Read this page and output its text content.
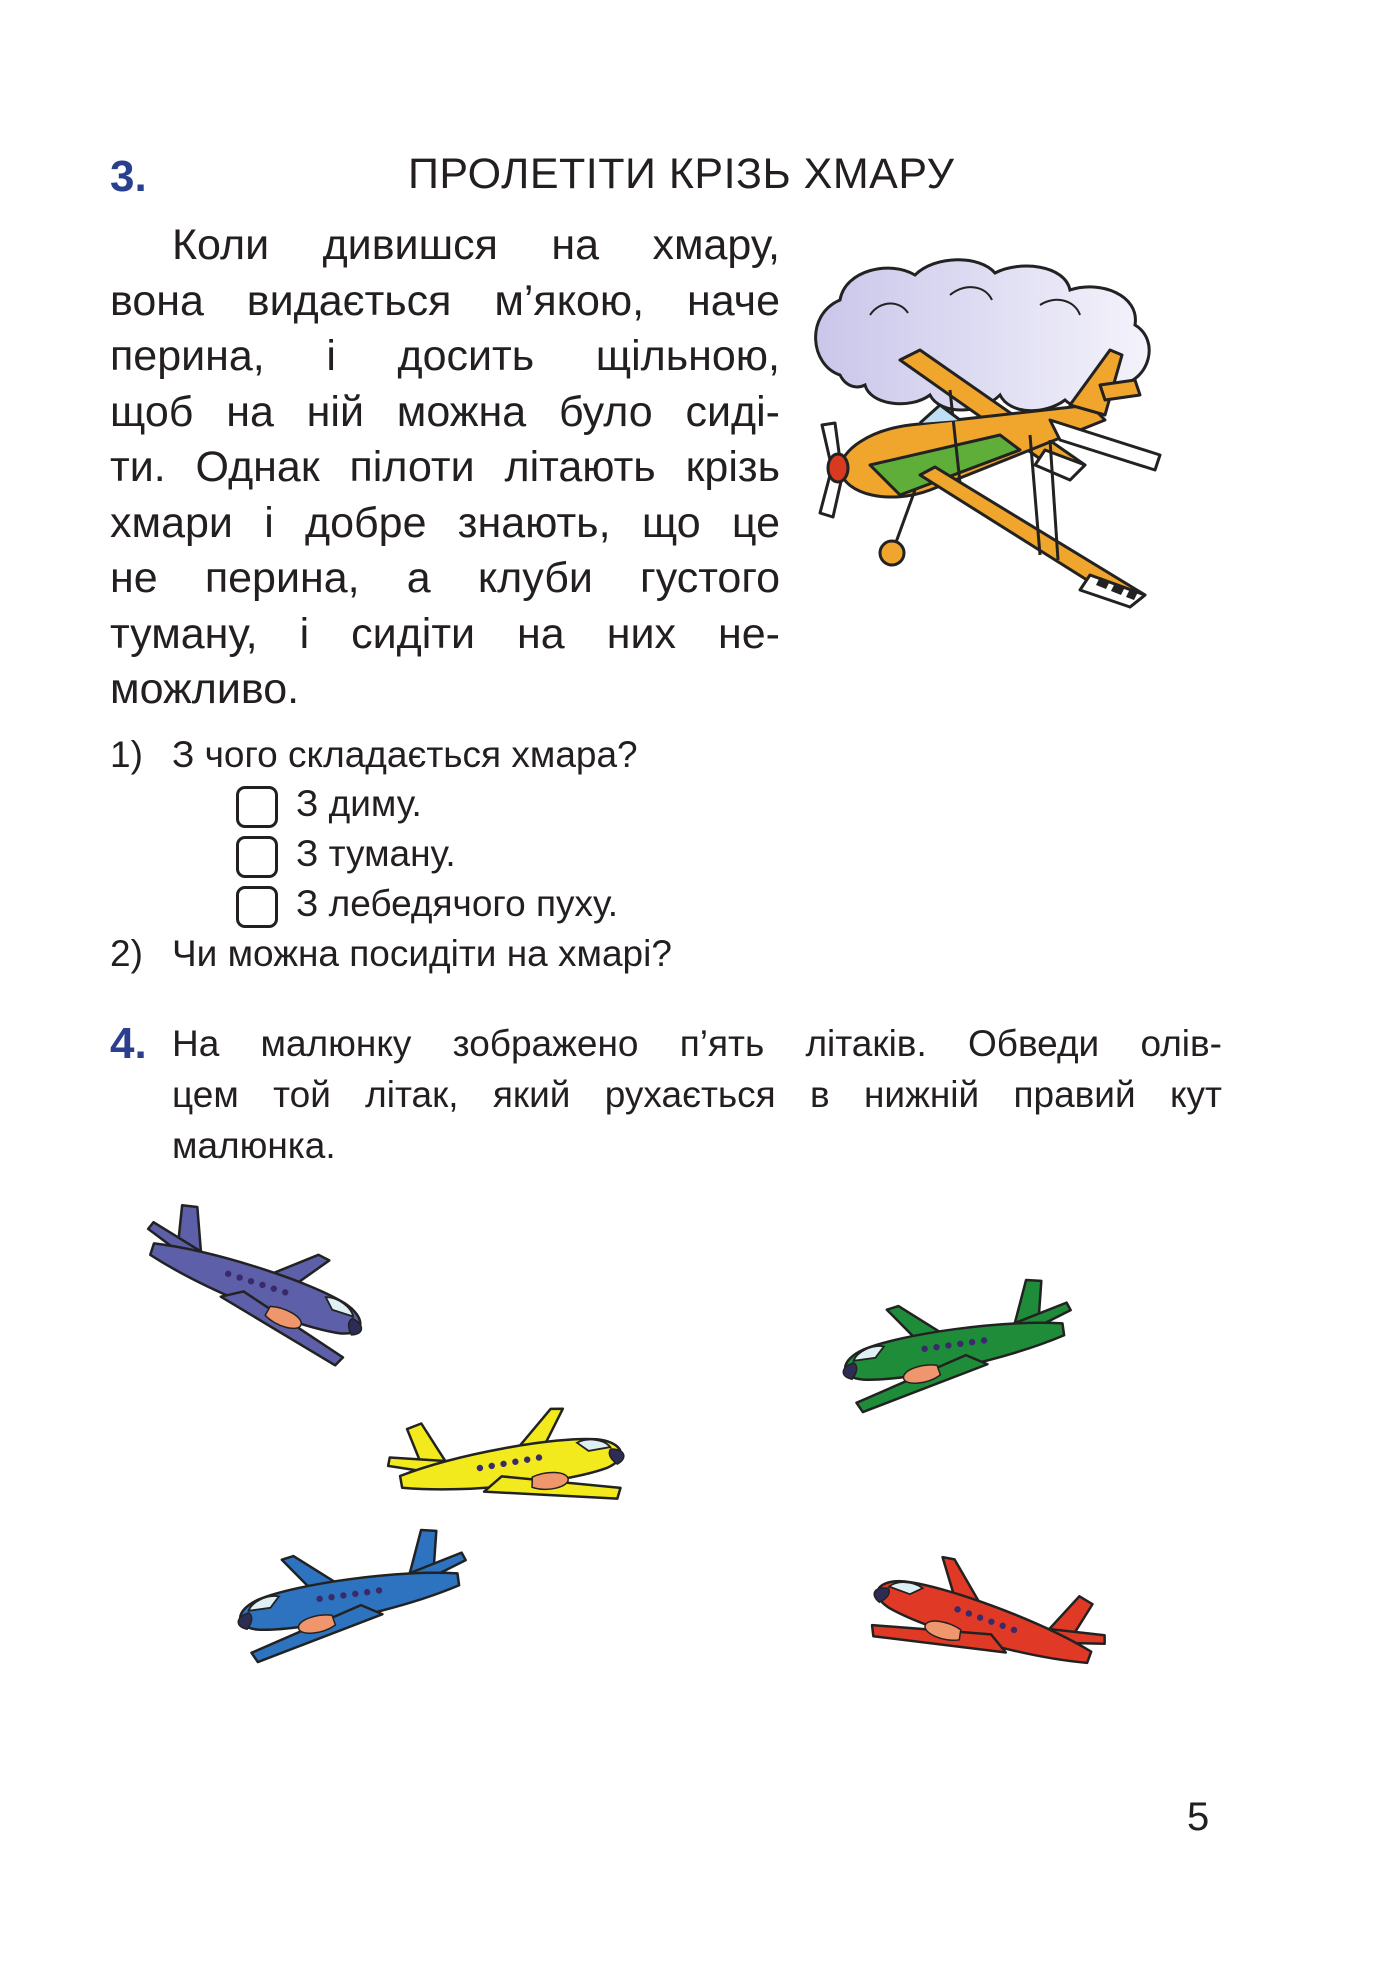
3.	ПРОЛЕТІТИ КРІЗЬ ХМАРУ
Коли дивишся на хмару,
вона видається м’якою, наче
перина, і досить щільною,
щоб на ній можна було сиді-
ти. Однак пілоти літають крізь
хмари і добре знають, що це
не перина, а клуби густого
туману, і сидіти на них не-
можливо.
1) З чого складається хмара?
З диму.
З туману.
З лебедячого пуху.
2) Чи можна посидіти на хмарі?
4. На малюнку зображено п’ять літаків. Обведи олів-
цем той літак, який рухається в нижній правий кут
малюнка.
5
